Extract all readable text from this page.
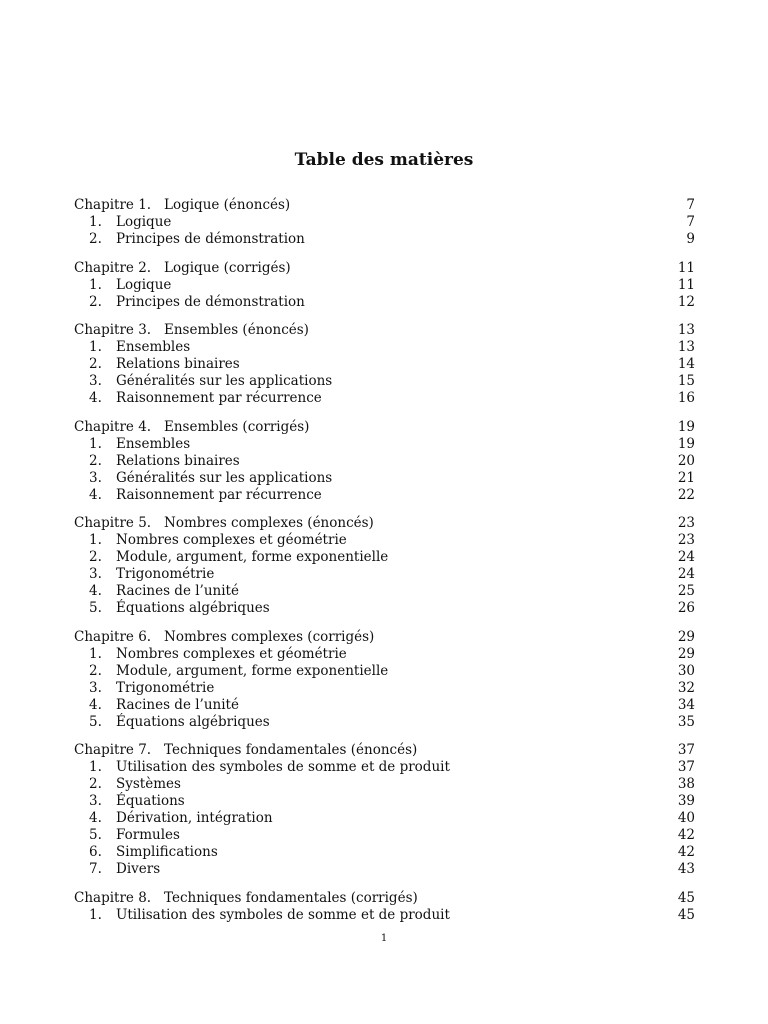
Table des matières
Chapitre 1. Logique (énoncés)	7
1. Logique	7
2. Principes de démonstration	9
Chapitre 2. Logique (corrigés)	11
1. Logique	11
2. Principes de démonstration	12
Chapitre 3. Ensembles (énoncés)	13
1. Ensembles	13
2. Relations binaires	14
3. Généralités sur les applications	15
4. Raisonnement par récurrence	16
Chapitre 4. Ensembles (corrigés)	19
1. Ensembles	19
2. Relations binaires	20
3. Généralités sur les applications	21
4. Raisonnement par récurrence	22
Chapitre 5. Nombres complexes (énoncés)	23
1. Nombres complexes et géométrie	23
2. Module, argument, forme exponentielle	24
3. Trigonométrie	24
4. Racines de l’unité	25
5. Équations algébriques	26
Chapitre 6. Nombres complexes (corrigés)	29
1. Nombres complexes et géométrie	29
2. Module, argument, forme exponentielle	30
3. Trigonométrie	32
4. Racines de l’unité	34
5. Équations algébriques	35
Chapitre 7. Techniques fondamentales (énoncés)	37
1. Utilisation des symboles de somme et de produit	37
2. Systèmes	38
3. Équations	39
4. Dérivation, intégration	40
5. Formules	42
6. Simplifications	42
7. Divers	43
Chapitre 8. Techniques fondamentales (corrigés)	45
1. Utilisation des symboles de somme et de produit	45
1
